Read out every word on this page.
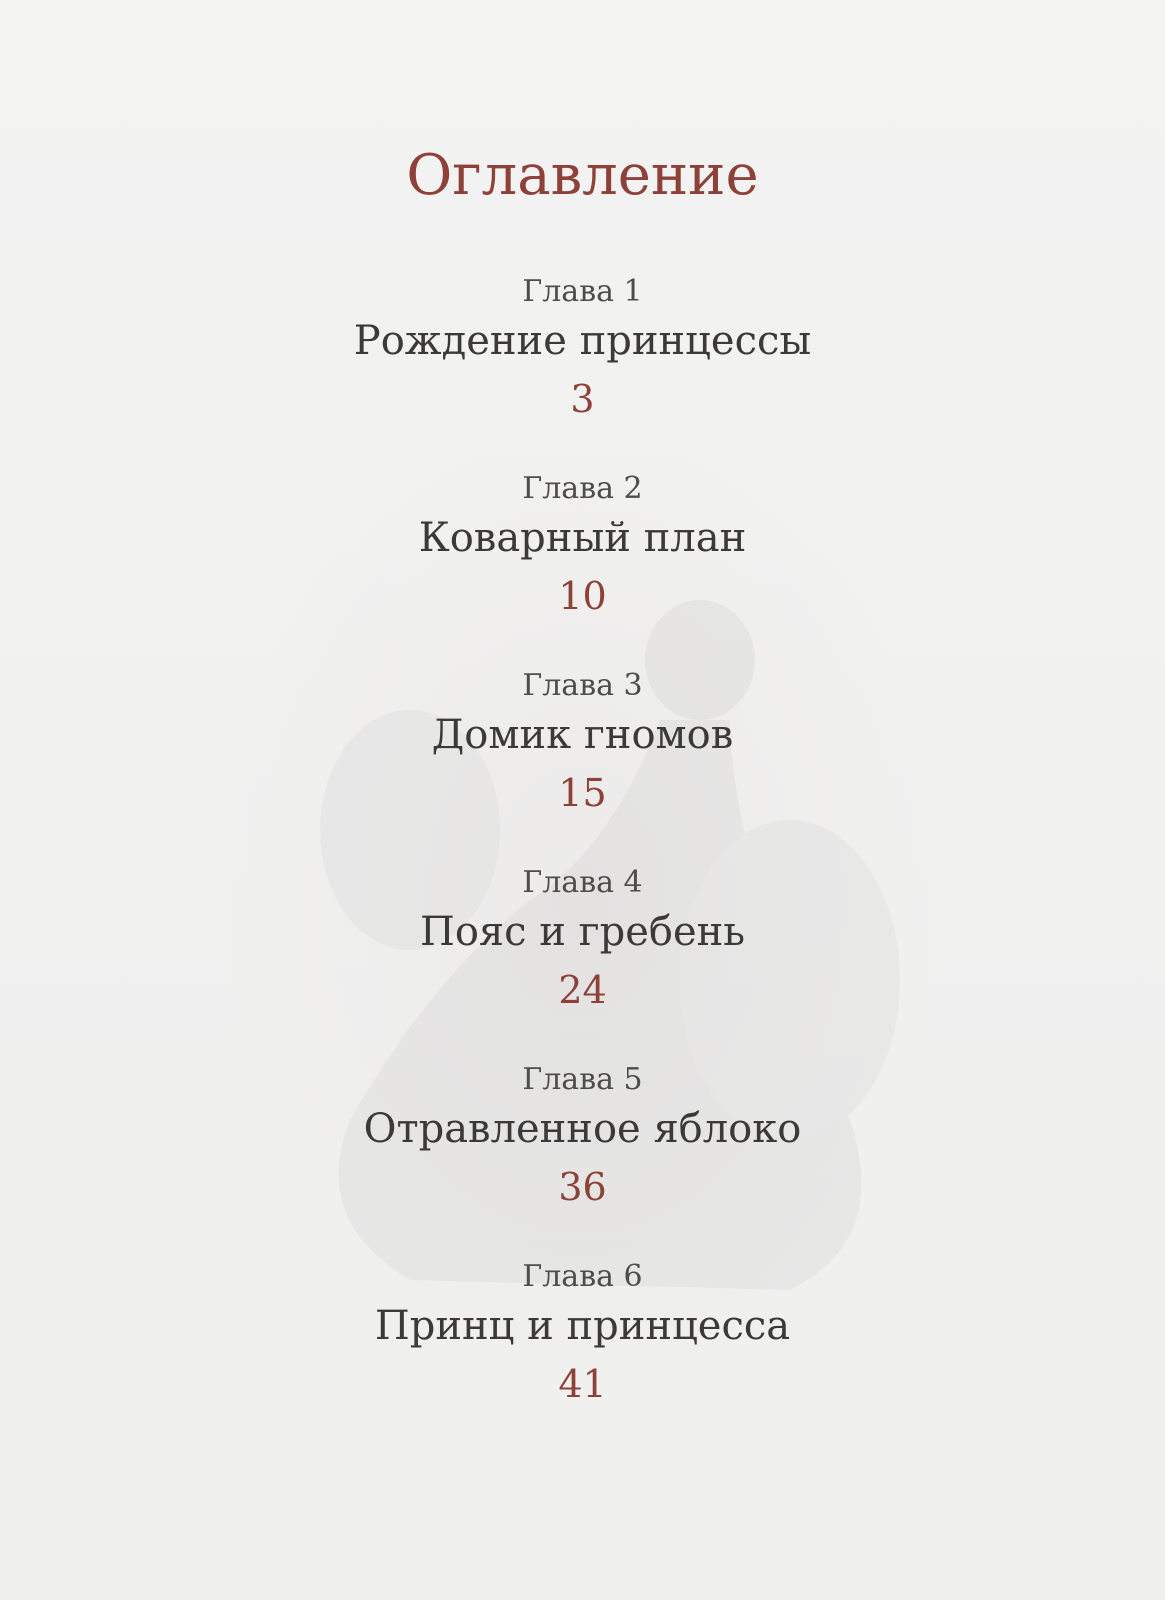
Оглавление
Глава 1
Рождение принцессы
3
Глава 2
Коварный план
10
Глава 3
Домик гномов
15
Глава 4
Пояс и гребень
24
Глава 5
Отравленное яблоко
36
Глава 6
Принц и принцесса
41
